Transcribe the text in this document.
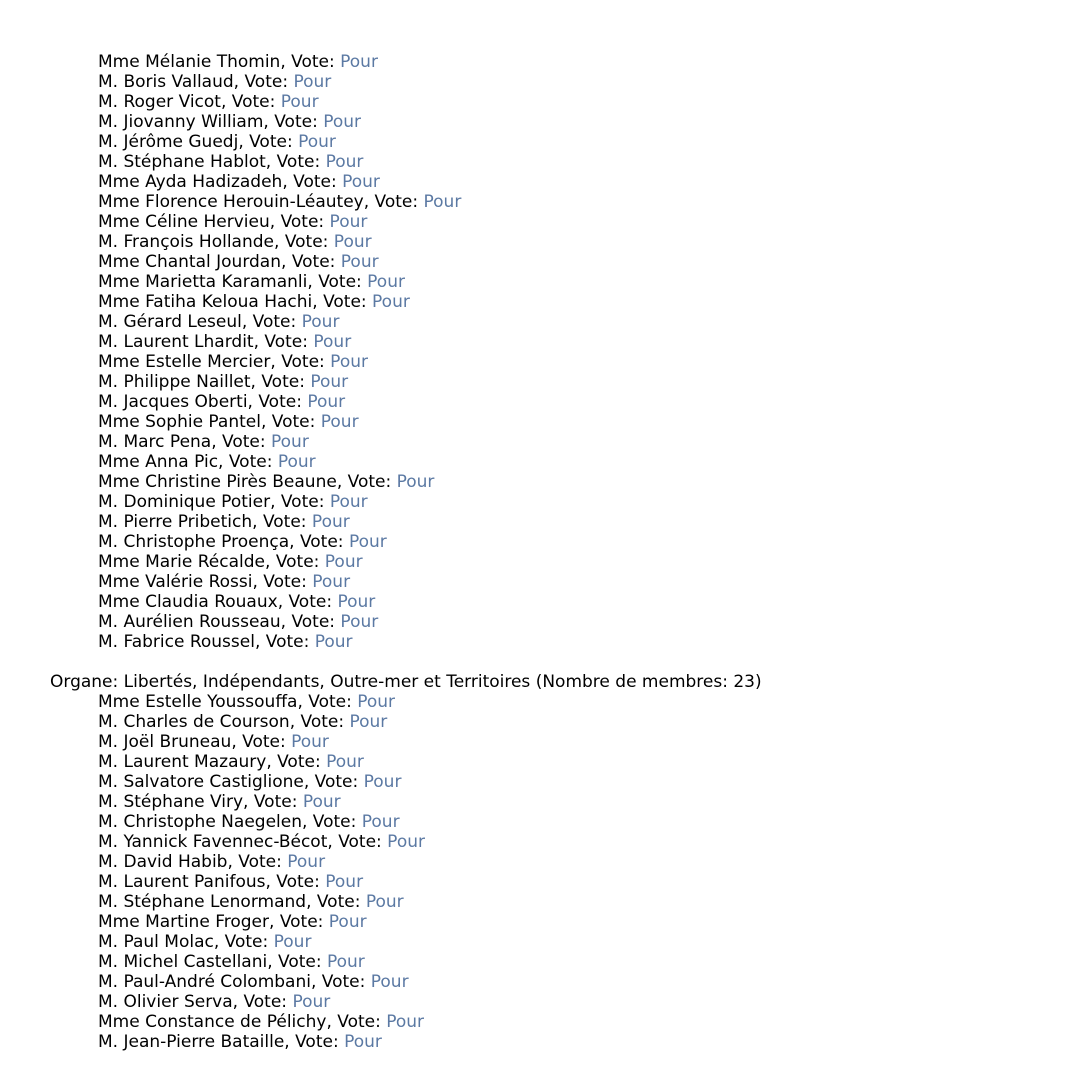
Mme Mélanie Thomin, Vote: Pour
M. Boris Vallaud, Vote: Pour
M. Roger Vicot, Vote: Pour
M. Jiovanny William, Vote: Pour
M. Jérôme Guedj, Vote: Pour
M. Stéphane Hablot, Vote: Pour
Mme Ayda Hadizadeh, Vote: Pour
Mme Florence Herouin-Léautey, Vote: Pour
Mme Céline Hervieu, Vote: Pour
M. François Hollande, Vote: Pour
Mme Chantal Jourdan, Vote: Pour
Mme Marietta Karamanli, Vote: Pour
Mme Fatiha Keloua Hachi, Vote: Pour
M. Gérard Leseul, Vote: Pour
M. Laurent Lhardit, Vote: Pour
Mme Estelle Mercier, Vote: Pour
M. Philippe Naillet, Vote: Pour
M. Jacques Oberti, Vote: Pour
Mme Sophie Pantel, Vote: Pour
M. Marc Pena, Vote: Pour
Mme Anna Pic, Vote: Pour
Mme Christine Pirès Beaune, Vote: Pour
M. Dominique Potier, Vote: Pour
M. Pierre Pribetich, Vote: Pour
M. Christophe Proença, Vote: Pour
Mme Marie Récalde, Vote: Pour
Mme Valérie Rossi, Vote: Pour
Mme Claudia Rouaux, Vote: Pour
M. Aurélien Rousseau, Vote: Pour
M. Fabrice Roussel, Vote: Pour
Organe: Libertés, Indépendants, Outre-mer et Territoires (Nombre de membres: 23)
Mme Estelle Youssouffa, Vote: Pour
M. Charles de Courson, Vote: Pour
M. Joël Bruneau, Vote: Pour
M. Laurent Mazaury, Vote: Pour
M. Salvatore Castiglione, Vote: Pour
M. Stéphane Viry, Vote: Pour
M. Christophe Naegelen, Vote: Pour
M. Yannick Favennec-Bécot, Vote: Pour
M. David Habib, Vote: Pour
M. Laurent Panifous, Vote: Pour
M. Stéphane Lenormand, Vote: Pour
Mme Martine Froger, Vote: Pour
M. Paul Molac, Vote: Pour
M. Michel Castellani, Vote: Pour
M. Paul-André Colombani, Vote: Pour
M. Olivier Serva, Vote: Pour
Mme Constance de Pélichy, Vote: Pour
M. Jean-Pierre Bataille, Vote: Pour
